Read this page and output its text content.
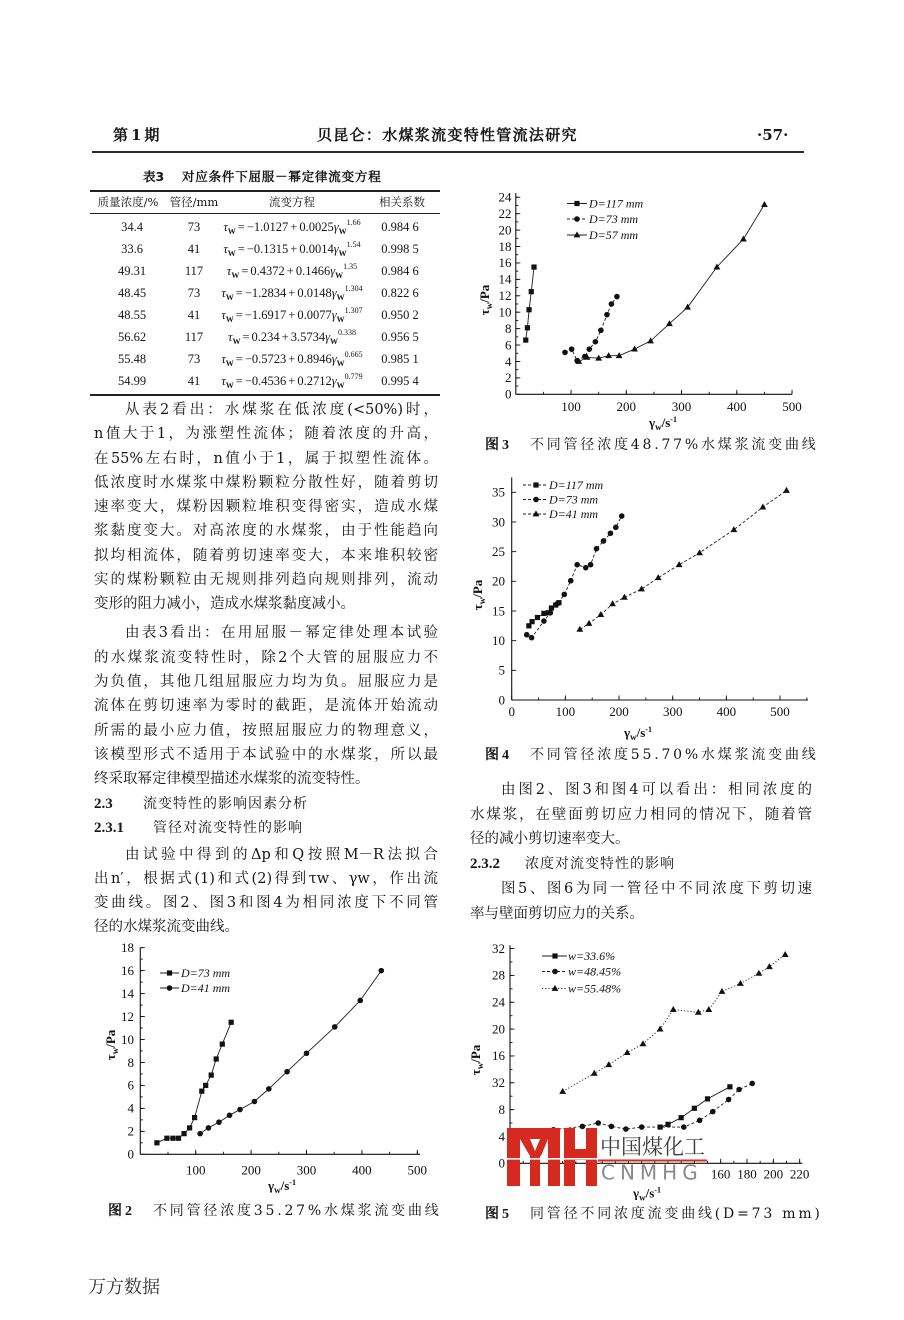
第1期	贝昆仑：水煤浆流变特性管流法研究	·57·
表3 对应条件下屈服－幂定律流变方程
质量浓度/% 管径/mm	流变方程	相关系数
34.4	73	$\tau_W = -1.0127 + 0.0025\gamma_W^{1.66}$	0.984 6
33.6	41	$\tau_W = -0.1315 + 0.0014\gamma_W^{1.54}$	0.998 5
49.31	117	$\tau_W = 0.4372 + 0.1466\gamma_W^{1.35}$	0.984 6
48.45	73	$\tau_W = -1.2834 + 0.0148\gamma_W^{1.304}$	0.822 6
48.55	41	$\tau_W = -1.6917 + 0.0077\gamma_W^{1.307}$	0.950 2
56.62	117	$\tau_W = 0.234 + 3.5734\gamma_W^{0.338}$	0.956 5
55.48	73	$\tau_W = -0.5723 + 0.8946\gamma_W^{0.665}$	0.985 1
54.99	41	$\tau_W = -0.4536 + 0.2712\gamma_W^{0.779}$	0.995 4
从表2看出：水煤浆在低浓度(<50%)时，
n值大于1，为涨塑性流体；随着浓度的升高，
在55%左右时，n值小于1，属于拟塑性流体。
低浓度时水煤浆中煤粉颗粒分散性好，随着剪切
速率变大，煤粉因颗粒堆积变得密实，造成水煤
浆黏度变大。对高浓度的水煤浆，由于性能趋向
拟均相流体，随着剪切速率变大，本来堆积较密
实的煤粉颗粒由无规则排列趋向规则排列，流动
变形的阻力减小，造成水煤浆黏度减小。
由表3看出：在用屈服－幂定律处理本试验
的水煤浆流变特性时，除2个大管的屈服应力不
为负值，其他几组屈服应力均为负。屈服应力是
流体在剪切速率为零时的截距，是流体开始流动
所需的最小应力值，按照屈服应力的物理意义，
该模型形式不适用于本试验中的水煤浆，所以最
终采取幂定律模型描述水煤浆的流变特性。
2.3 流变特性的影响因素分析
2.3.1 管径对流变特性的影响
由试验中得到的Δp和Q按照M－R法拟合
出n′，根据式(1)和式(2)得到τw、γw，作出流
变曲线。图2、图3和图4为相同浓度下不同管
径的水煤浆流变曲线。
由图2、图3和图4可以看出：相同浓度的
水煤浆，在壁面剪切应力相同的情况下，随着管
径的减小剪切速率变大。
2.3.2 浓度对流变特性的影响
图5、图6为同一管径中不同浓度下剪切速
率与壁面剪切应力的关系。
100	200	300	400	500
0
2
4
6
8
10
12
14
16
18
$\tau_w/Pa$
$\gamma_w/s^{-1}$
D=73 mm
D=41 mm
100	200	300	400	500
0
2
4
6
8
10
12
14
16
18
20
22
24
$\tau_w/Pa$
$\gamma_w/s^{-1}$
D=117 mm
D=73 mm
D=57 mm
0	100	200	300	400	500
0
5
10
15
20
25
30
35
$\tau_w/Pa$
$\gamma_w/s^{-1}$
D=117 mm
D=73 mm
D=41 mm
160 180 200 220
0
4
8
32
16
20
24
28
32
$\tau_w/Pa$
$\gamma_w/s^{-1}$
w=33.6%
w=48.45%
w=55.48%
图2 不同管径浓度35.27%水煤浆流变曲线
图3 不同管径浓度48.77%水煤浆流变曲线
图4 不同管径浓度55.70%水煤浆流变曲线
图5 同管径不同浓度流变曲线(D=73 mm)
中国煤化工
CNMHG
万方数据
